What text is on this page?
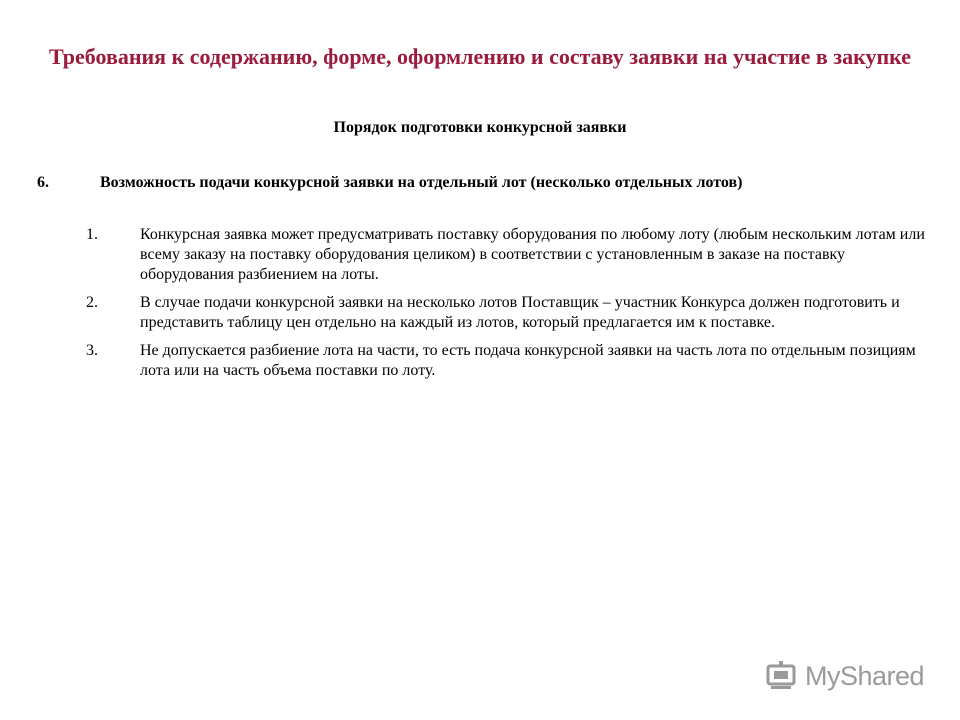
Требования к содержанию, форме, оформлению и составу заявки на участие в закупке
Порядок подготовки конкурсной заявки
6.	Возможность подачи конкурсной заявки на отдельный лот (несколько отдельных лотов)
1.	Конкурсная заявка может предусматривать поставку оборудования по любому лоту (любым нескольким лотам или всему заказу на поставку оборудования целиком) в соответствии с установленным в заказе на поставку оборудования разбиением на лоты.
2.	В случае подачи конкурсной заявки на несколько лотов Поставщик – участник Конкурса должен подготовить и представить таблицу цен отдельно на каждый из лотов, который предлагается им к поставке.
3.	Не допускается разбиение лота на части, то есть подача конкурсной заявки на часть лота по отдельным позициям лота или на часть объема поставки по лоту.
MyShared
